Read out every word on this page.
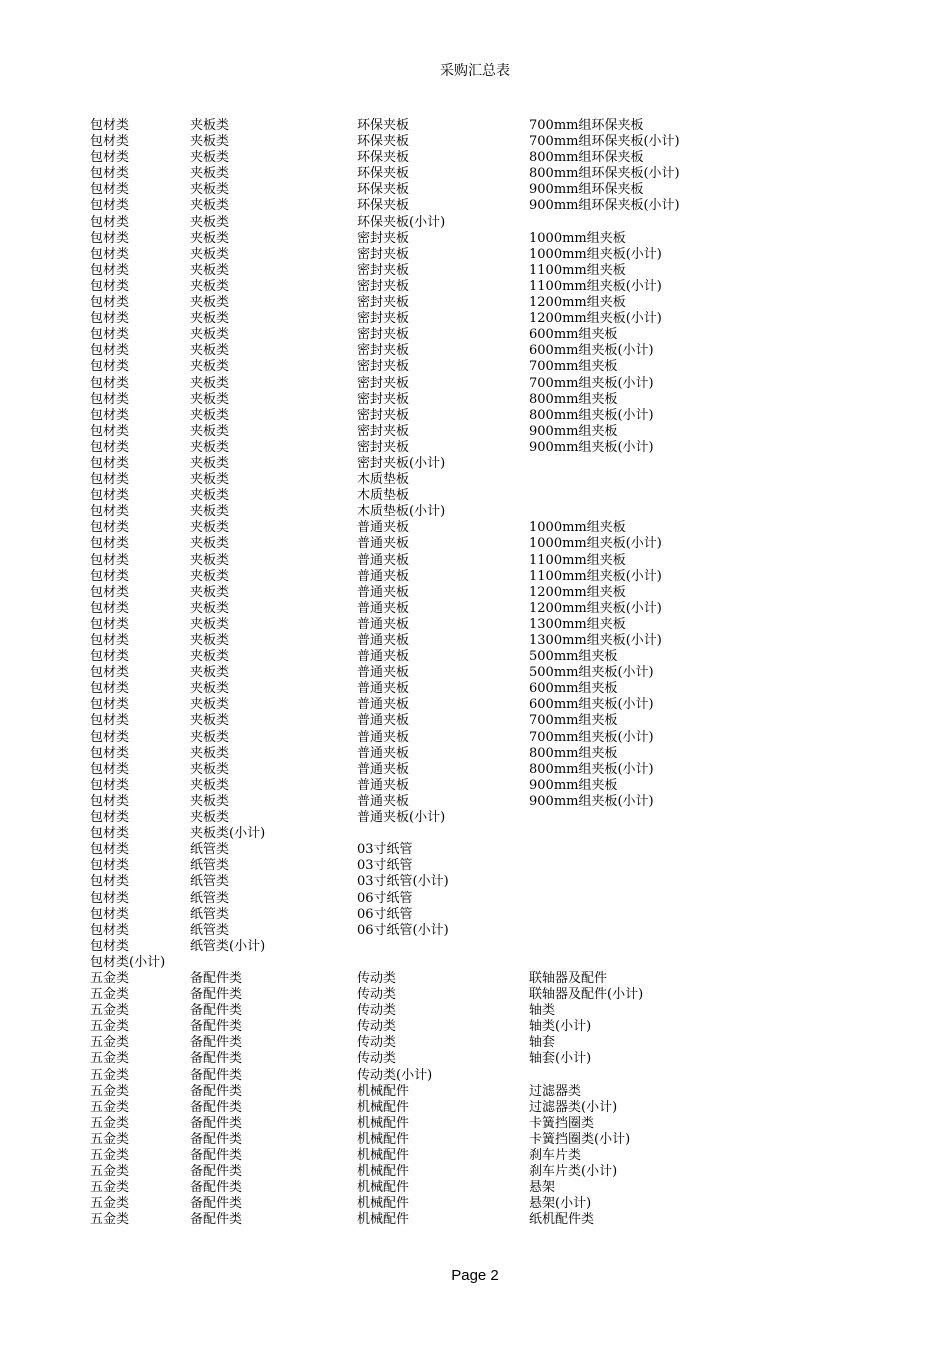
采购汇总表
包材类	夹板类	环保夹板	700mm组环保夹板
包材类	夹板类	环保夹板	700mm组环保夹板(小计)
包材类	夹板类	环保夹板	800mm组环保夹板
包材类	夹板类	环保夹板	800mm组环保夹板(小计)
包材类	夹板类	环保夹板	900mm组环保夹板
包材类	夹板类	环保夹板	900mm组环保夹板(小计)
包材类	夹板类	环保夹板(小计)
包材类	夹板类	密封夹板	1000mm组夹板
包材类	夹板类	密封夹板	1000mm组夹板(小计)
包材类	夹板类	密封夹板	1100mm组夹板
包材类	夹板类	密封夹板	1100mm组夹板(小计)
包材类	夹板类	密封夹板	1200mm组夹板
包材类	夹板类	密封夹板	1200mm组夹板(小计)
包材类	夹板类	密封夹板	600mm组夹板
包材类	夹板类	密封夹板	600mm组夹板(小计)
包材类	夹板类	密封夹板	700mm组夹板
包材类	夹板类	密封夹板	700mm组夹板(小计)
包材类	夹板类	密封夹板	800mm组夹板
包材类	夹板类	密封夹板	800mm组夹板(小计)
包材类	夹板类	密封夹板	900mm组夹板
包材类	夹板类	密封夹板	900mm组夹板(小计)
包材类	夹板类	密封夹板(小计)
包材类	夹板类	木质垫板
包材类	夹板类	木质垫板
包材类	夹板类	木质垫板(小计)
包材类	夹板类	普通夹板	1000mm组夹板
包材类	夹板类	普通夹板	1000mm组夹板(小计)
包材类	夹板类	普通夹板	1100mm组夹板
包材类	夹板类	普通夹板	1100mm组夹板(小计)
包材类	夹板类	普通夹板	1200mm组夹板
包材类	夹板类	普通夹板	1200mm组夹板(小计)
包材类	夹板类	普通夹板	1300mm组夹板
包材类	夹板类	普通夹板	1300mm组夹板(小计)
包材类	夹板类	普通夹板	500mm组夹板
包材类	夹板类	普通夹板	500mm组夹板(小计)
包材类	夹板类	普通夹板	600mm组夹板
包材类	夹板类	普通夹板	600mm组夹板(小计)
包材类	夹板类	普通夹板	700mm组夹板
包材类	夹板类	普通夹板	700mm组夹板(小计)
包材类	夹板类	普通夹板	800mm组夹板
包材类	夹板类	普通夹板	800mm组夹板(小计)
包材类	夹板类	普通夹板	900mm组夹板
包材类	夹板类	普通夹板	900mm组夹板(小计)
包材类	夹板类	普通夹板(小计)
包材类	夹板类(小计)
包材类	纸管类	03寸纸管
包材类	纸管类	03寸纸管
包材类	纸管类	03寸纸管(小计)
包材类	纸管类	06寸纸管
包材类	纸管类	06寸纸管
包材类	纸管类	06寸纸管(小计)
包材类	纸管类(小计)
包材类(小计)
五金类	备配件类	传动类	联轴器及配件
五金类	备配件类	传动类	联轴器及配件(小计)
五金类	备配件类	传动类	轴类
五金类	备配件类	传动类	轴类(小计)
五金类	备配件类	传动类	轴套
五金类	备配件类	传动类	轴套(小计)
五金类	备配件类	传动类(小计)
五金类	备配件类	机械配件	过滤器类
五金类	备配件类	机械配件	过滤器类(小计)
五金类	备配件类	机械配件	卡簧挡圈类
五金类	备配件类	机械配件	卡簧挡圈类(小计)
五金类	备配件类	机械配件	刹车片类
五金类	备配件类	机械配件	刹车片类(小计)
五金类	备配件类	机械配件	悬架
五金类	备配件类	机械配件	悬架(小计)
五金类	备配件类	机械配件	纸机配件类
Page 2
